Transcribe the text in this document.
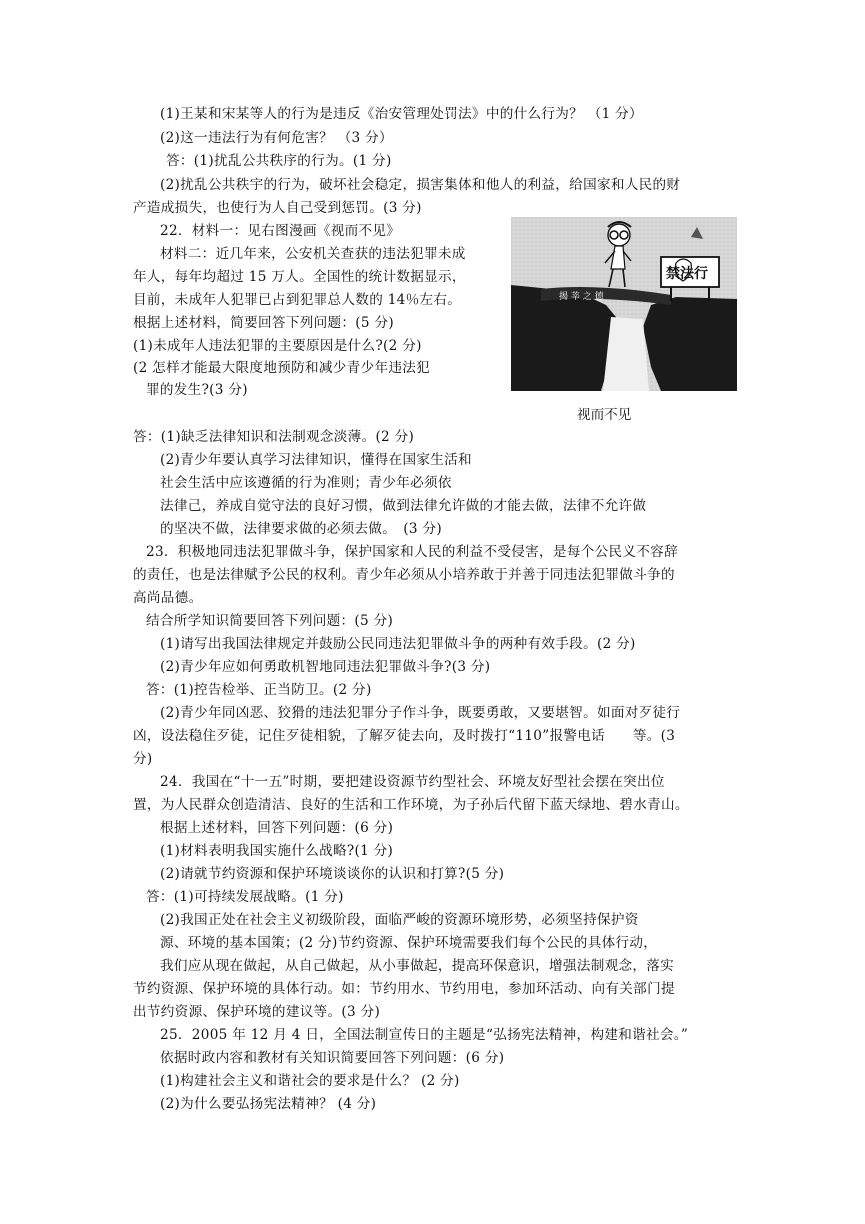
(1)王某和宋某等人的行为是违反《治安管理处罚法》中的什么行为？ （1 分）
(2)这一违法行为有何危害？ （3 分）
答：(1)扰乱公共秩序的行为。(1 分)
(2)扰乱公共秩宇的行为，破坏社会稳定，损害集体和他人的利益，给国家和人民的财
产造成损失，也使行为人自己受到惩罚。(3 分)
22．材料一：见右图漫画《视而不见》
材料二：近几年来，公安机关查获的违法犯罪未成
年人，每年均超过 15 万人。全国性的统计数据显示，
目前，未成年人犯罪已占到犯罪总人数的 14％左右。
根据上述材料，简要回答下列问题：(5 分)
(1)未成年人违法犯罪的主要原因是什么?(2 分)
(2 怎样才能最大限度地预防和减少青少年违法犯
罪的发生?(3 分)
揭 莘 之 德
禁法行
视而不见
答：(1)缺乏法律知识和法制观念淡薄。(2 分)
(2)青少年要认真学习法律知识，懂得在国家生活和
社会生活中应该遵循的行为准则；青少年必须依
法律己，养成自觉守法的良好习惯，做到法律允许做的才能去做，法律不允许做
的坚决不做，法律要求做的必须去做。　(3 分)
23．积极地同违法犯罪做斗争，保护国家和人民的利益不受侵害，是每个公民义不容辞
的责任，也是法律赋予公民的权利。青少年必须从小培养敢于并善于同违法犯罪做斗争的
高尚品德。
结合所学知识简要回答下列问题：(5 分)
(1)请写出我国法律规定并鼓励公民同违法犯罪做斗争的两种有效手段。(2 分)
(2)青少年应如何勇敢机智地同违法犯罪做斗争?(3 分)
答：(1)控告检举、正当防卫。(2 分)
(2)青少年同凶恶、狡猾的违法犯罪分子作斗争，既要勇敢，又要堪智。如面对歹徒行
凶，设法稳住歹徒，记住歹徒相貌，了解歹徒去向，及时拨打“110”报警电话　　等。(3
分)
24．我国在“十一五”时期，要把建设资源节约型社会、环境友好型社会摆在突出位
置，为人民群众创造清洁、良好的生活和工作环境，为子孙后代留下蓝天绿地、碧水青山。
根据上述材料，回答下列问题：(6 分)
(1)材料表明我国实施什么战略?(1 分)
(2)请就节约资源和保护环境谈谈你的认识和打算?(5 分)
答：(1)可持续发展战略。(1 分)
(2)我国正处在社会主义初级阶段，面临严峻的资源环境形势，必须坚持保护资
源、环境的基本国策；(2 分)节约资源、保护环境需要我们每个公民的具体行动，
我们应从现在做起，从自己做起，从小事做起，提高环保意识，增强法制观念，落实
节约资源、保护环境的具体行动。如：节约用水、节约用电，参加环活动、向有关部门提
出节约资源、保护环境的建议等。(3 分)
25．2005 年 12 月 4 日，全国法制宣传日的主题是“弘扬宪法精神，构建和谐社会。”
依据时政内容和教材有关知识简要回答下列问题：(6 分)
(1)构建社会主义和谐社会的要求是什么？ (2 分)
(2)为什么要弘扬宪法精神？ (4 分)
